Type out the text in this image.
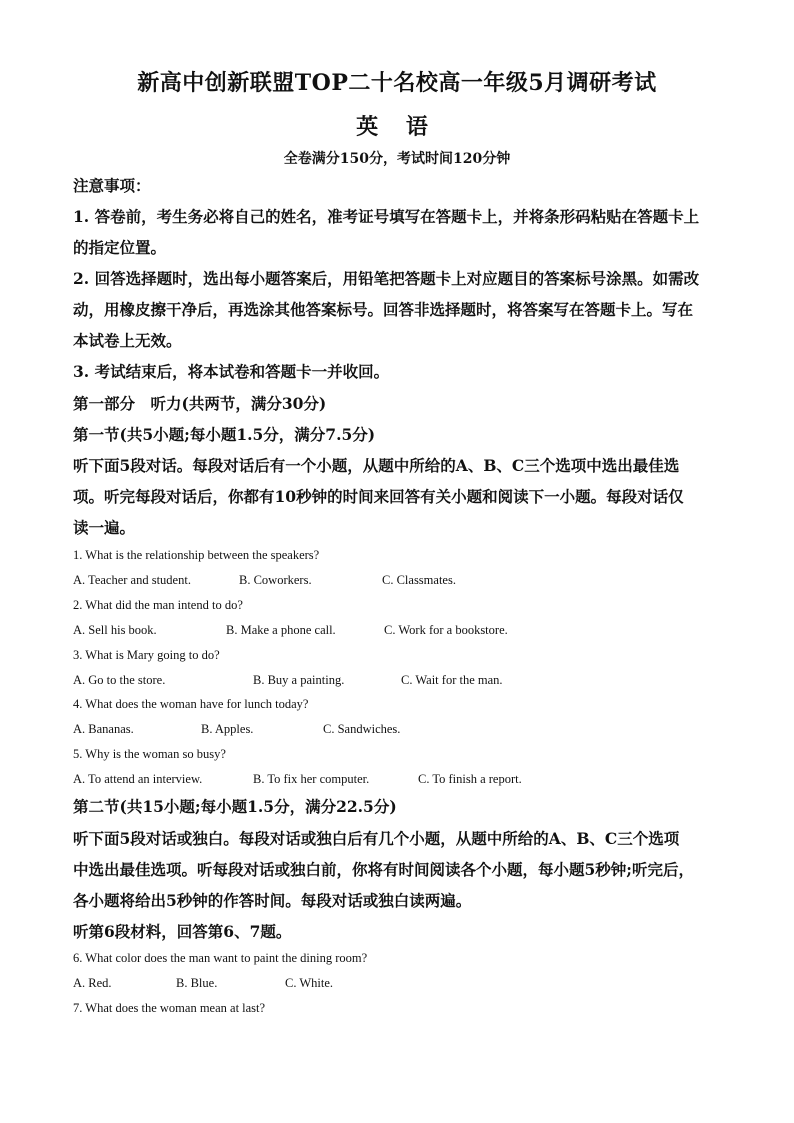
新高中创新联盟TOP二十名校高一年级5月调研考试
英 语
全卷满分150分，考试时间120分钟
注意事项：
1. 答卷前，考生务必将自己的姓名，准考证号填写在答题卡上，并将条形码粘贴在答题卡上
的指定位置。
2. 回答选择题时，选出每小题答案后，用铅笔把答题卡上对应题目的答案标号涂黑。如需改
动，用橡皮擦干净后，再选涂其他答案标号。回答非选择题时，将答案写在答题卡上。写在
本试卷上无效。
3. 考试结束后，将本试卷和答题卡一并收回。
第一部分　听力(共两节，满分30分)
第一节(共5小题;每小题1.5分，满分7.5分)
听下面5段对话。每段对话后有一个小题，从题中所给的A、B、C三个选项中选出最佳选
项。听完每段对话后，你都有10秒钟的时间来回答有关小题和阅读下一小题。每段对话仅
读一遍。
1. What is the relationship between the speakers?
A. Teacher and student.	B. Coworkers.	C. Classmates.
2. What did the man intend to do?
A. Sell his book.	B. Make a phone call.	C. Work for a bookstore.
3. What is Mary going to do?
A. Go to the store.	B. Buy a painting.	C. Wait for the man.
4. What does the woman have for lunch today?
A. Bananas.	B. Apples.	C. Sandwiches.
5. Why is the woman so busy?
A. To attend an interview.	B. To fix her computer.	C. To finish a report.
第二节(共15小题;每小题1.5分，满分22.5分)
听下面5段对话或独白。每段对话或独白后有几个小题，从题中所给的A、B、C三个选项
中选出最佳选项。听每段对话或独白前，你将有时间阅读各个小题，每小题5秒钟;听完后，
各小题将给出5秒钟的作答时间。每段对话或独白读两遍。
听第6段材料，回答第6、7题。
6. What color does the man want to paint the dining room?
A. Red.	B. Blue.	C. White.
7. What does the woman mean at last?
